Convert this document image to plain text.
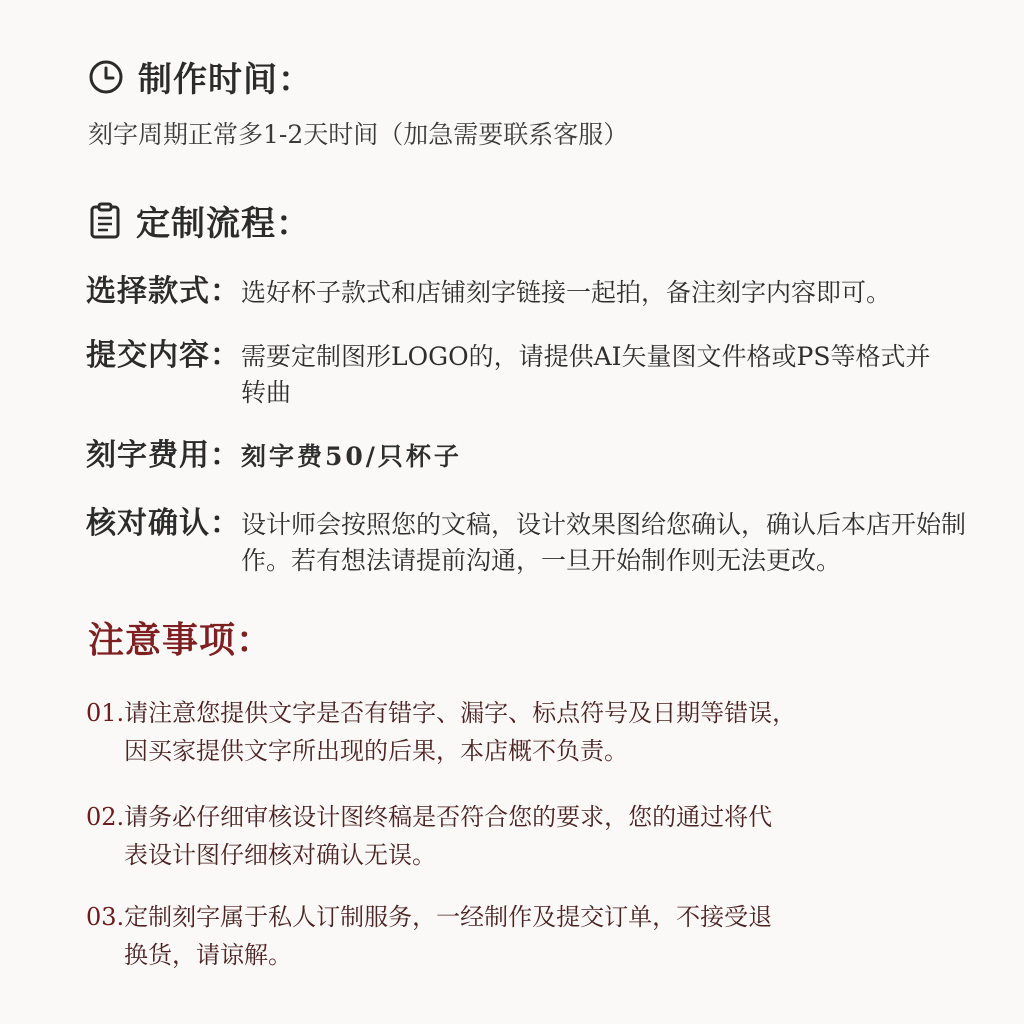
制作时间：
刻字周期正常多1-2天时间（加急需要联系客服）
定制流程：
选择款式： 选好杯子款式和店铺刻字链接一起拍，备注刻字内容即可。
提交内容： 需要定制图形LOGO的，请提供AI矢量图文件格或PS等格式并转曲
刻字费用： 刻字费50/只杯子
核对确认： 设计师会按照您的文稿，设计效果图给您确认，确认后本店开始制作。若有想法请提前沟通，一旦开始制作则无法更改。
注意事项：
01.请注意您提供文字是否有错字、漏字、标点符号及日期等错误，
因买家提供文字所出现的后果，本店概不负责。
02.请务必仔细审核设计图终稿是否符合您的要求，您的通过将代
表设计图仔细核对确认无误。
03.定制刻字属于私人订制服务，一经制作及提交订单，不接受退
换货，请谅解。
